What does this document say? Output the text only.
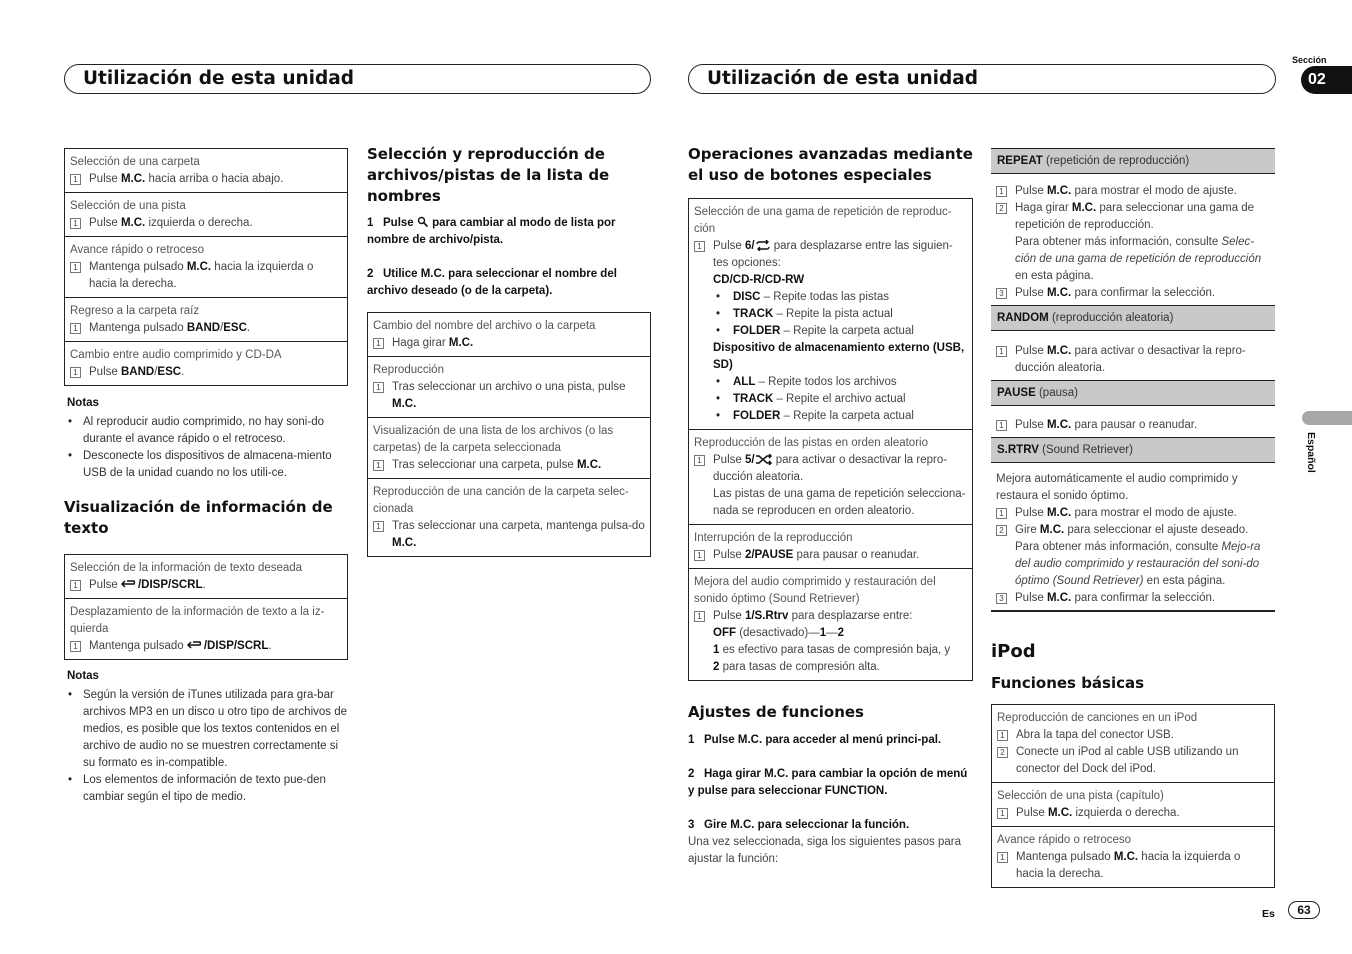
Utilización de esta unidad	Utilización de esta unidad
Sección
02
Español
Es	63
Selección de una carpeta
1 Pulse M.C. hacia arriba o hacia abajo.
Selección de una pista
1 Pulse M.C. izquierda o derecha.
Avance rápido o retroceso
1 Mantenga pulsado M.C. hacia la izquierda o hacia la derecha.
Regreso a la carpeta raíz
1 Mantenga pulsado BAND/ESC.
Cambio entre audio comprimido y CD-DA
1 Pulse BAND/ESC.
Notas
• Al reproducir audio comprimido, no hay soni-do durante el avance rápido o el retroceso.
• Desconecte los dispositivos de almacena-miento USB de la unidad cuando no los utili-ce.
Visualización de información de texto
Selección de la información de texto deseada
1 Pulse /DISP/SCRL.
Desplazamiento de la información de texto a la iz-quierda
1 Mantenga pulsado /DISP/SCRL.
Notas
• Según la versión de iTunes utilizada para gra-bar archivos MP3 en un disco u otro tipo de archivos de medios, es posible que los textos contenidos en el archivo de audio no se muestren correctamente si su formato es in-compatible.
• Los elementos de información de texto pue-den cambiar según el tipo de medio.
Selección y reproducción de archivos/pistas de la lista de nombres
1 Pulse para cambiar al modo de lista por nombre de archivo/pista.
2 Utilice M.C. para seleccionar el nombre del archivo deseado (o de la carpeta).
Cambio del nombre del archivo o la carpeta
1 Haga girar M.C.
Reproducción
1 Tras seleccionar un archivo o una pista, pulse M.C.
Visualización de una lista de los archivos (o las carpetas) de la carpeta seleccionada
1 Tras seleccionar una carpeta, pulse M.C.
Reproducción de una canción de la carpeta selec-cionada
1 Tras seleccionar una carpeta, mantenga pulsa-do M.C.
Operaciones avanzadas mediante el uso de botones especiales
Selección de una gama de repetición de reproduc-ción
1 Pulse 6/ para desplazarse entre las siguien-tes opciones:
CD/CD-R/CD-RW
• DISC – Repite todas las pistas
• TRACK – Repite la pista actual
• FOLDER – Repite la carpeta actual
Dispositivo de almacenamiento externo (USB, SD)
• ALL – Repite todos los archivos
• TRACK – Repite el archivo actual
• FOLDER – Repite la carpeta actual
Reproducción de las pistas en orden aleatorio
1 Pulse 5/ para activar o desactivar la repro-ducción aleatoria.
Las pistas de una gama de repetición selecciona-nada se reproducen en orden aleatorio.
Interrupción de la reproducción
1 Pulse 2/PAUSE para pausar o reanudar.
Mejora del audio comprimido y restauración del sonido óptimo (Sound Retriever)
1 Pulse 1/S.Rtrv para desplazarse entre:
OFF (desactivado)—1—2
1 es efectivo para tasas de compresión baja, y
2 para tasas de compresión alta.
Ajustes de funciones
1 Pulse M.C. para acceder al menú princi-pal.
2 Haga girar M.C. para cambiar la opción de menú y pulse para seleccionar FUNCTION.
3 Gire M.C. para seleccionar la función.
Una vez seleccionada, siga los siguientes pasos para ajustar la función:
REPEAT (repetición de reproducción)
1 Pulse M.C. para mostrar el modo de ajuste.
2 Haga girar M.C. para seleccionar una gama de repetición de reproducción.
Para obtener más información, consulte Selec-ción de una gama de repetición de reproducción en esta página.
3 Pulse M.C. para confirmar la selección.
RANDOM (reproducción aleatoria)
1 Pulse M.C. para activar o desactivar la repro-ducción aleatoria.
PAUSE (pausa)
1 Pulse M.C. para pausar o reanudar.
S.RTRV (Sound Retriever)
Mejora automáticamente el audio comprimido y restaura el sonido óptimo.
1 Pulse M.C. para mostrar el modo de ajuste.
2 Gire M.C. para seleccionar el ajuste deseado.
Para obtener más información, consulte Mejo-ra del audio comprimido y restauración del soni-do óptimo (Sound Retriever) en esta página.
3 Pulse M.C. para confirmar la selección.
iPod
Funciones básicas
Reproducción de canciones en un iPod
1 Abra la tapa del conector USB.
2 Conecte un iPod al cable USB utilizando un conector del Dock del iPod.
Selección de una pista (capítulo)
1 Pulse M.C. izquierda o derecha.
Avance rápido o retroceso
1 Mantenga pulsado M.C. hacia la izquierda o hacia la derecha.
